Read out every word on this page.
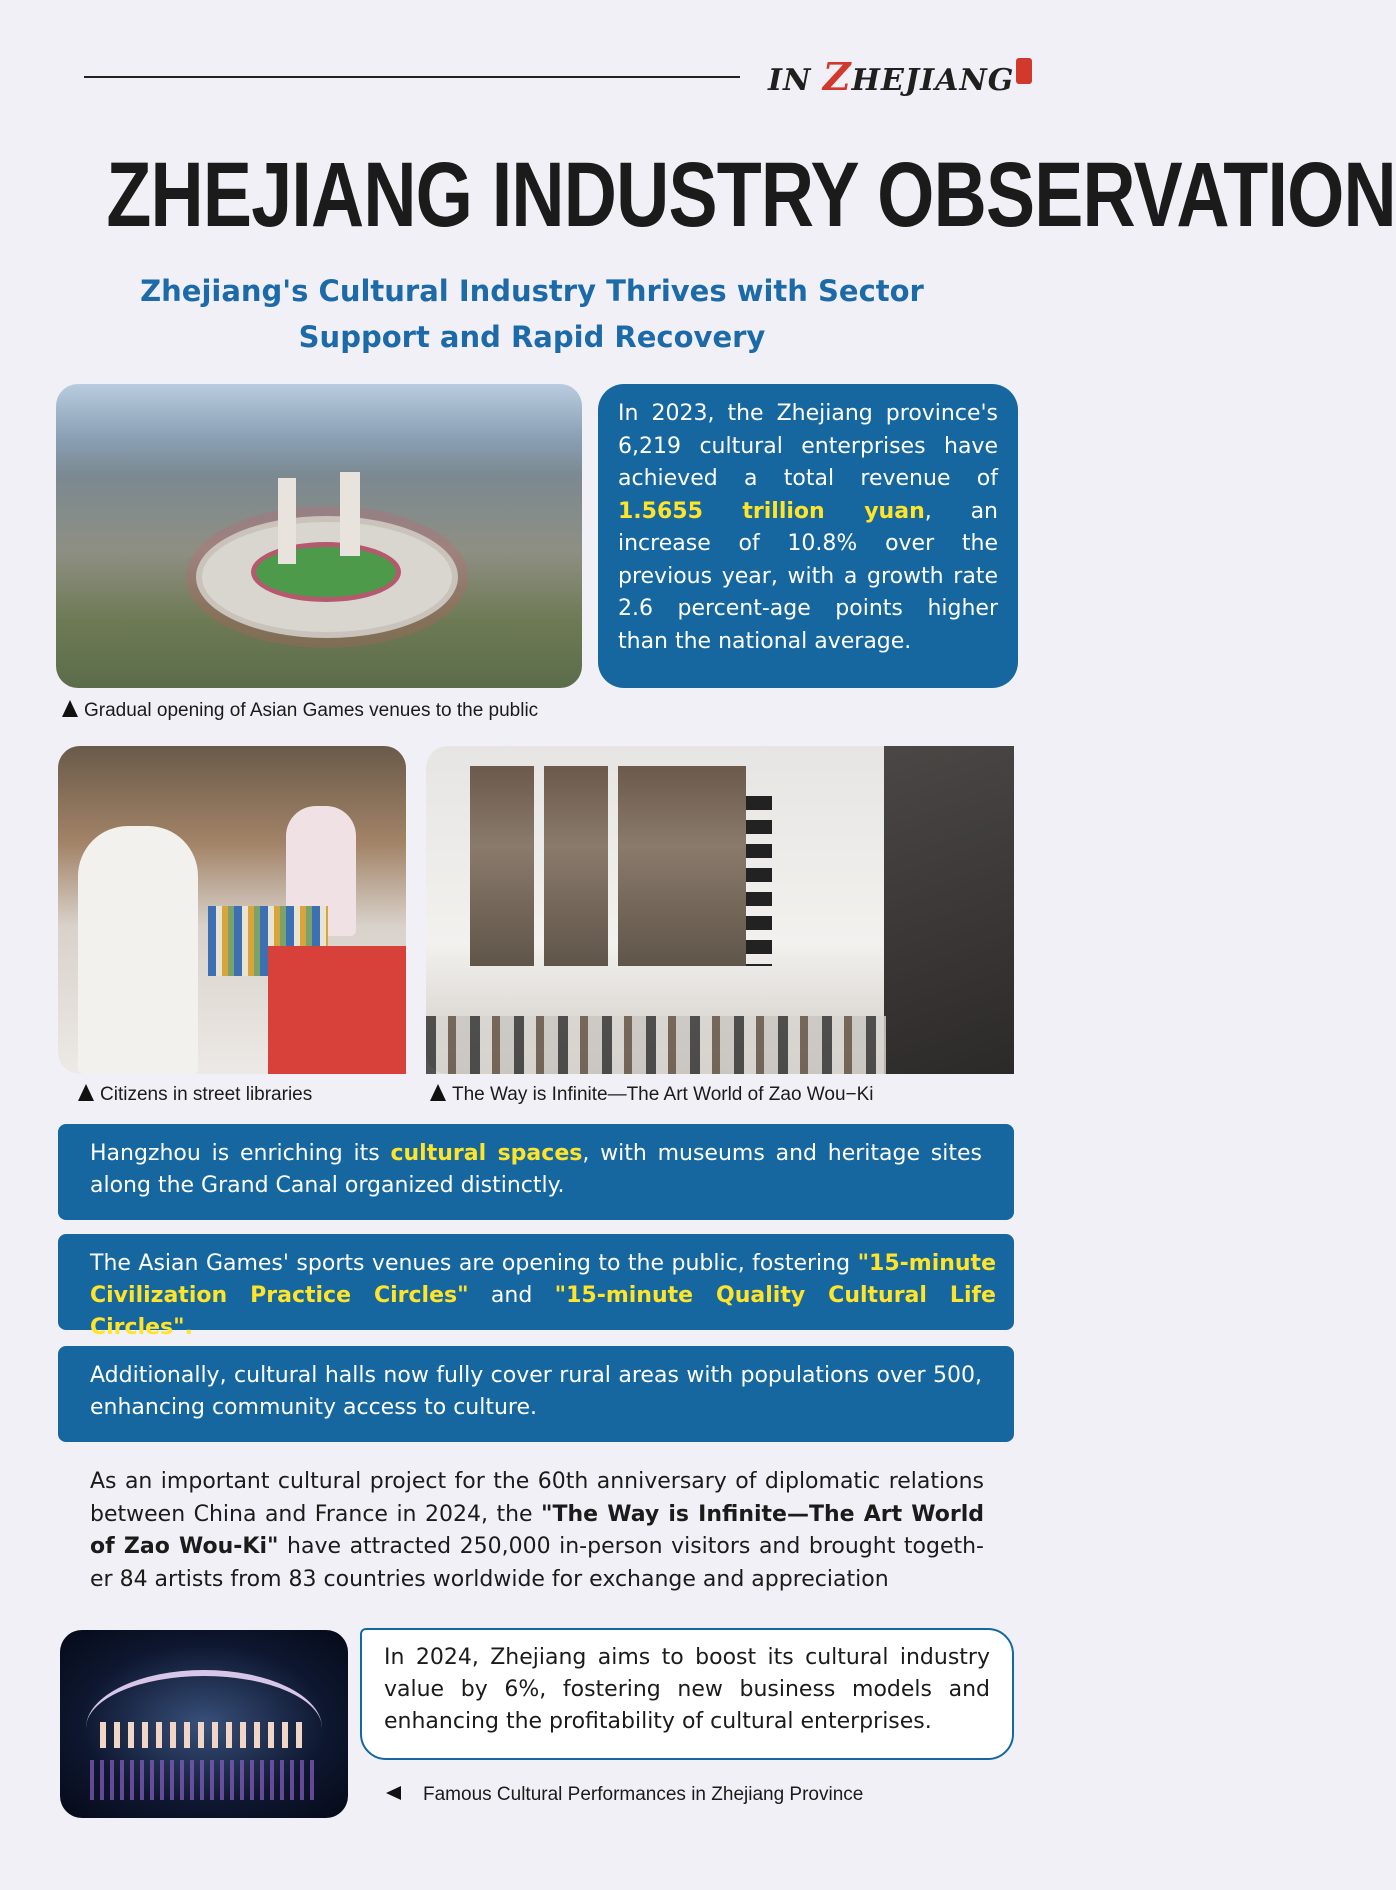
IN ZHEJIANG
ZHEJIANG INDUSTRY OBSERVATION
Zhejiang's Cultural Industry Thrives with Sector Support and Rapid Recovery

In 2023, the Zhejiang province's 6,219 cultural enterprises have achieved a total revenue of 1.5655 trillion yuan, an increase of 10.8% over the previous year, with a growth rate 2.6 percent-age points higher than the national average.

Gradual opening of Asian Games venues to the public
Citizens in street libraries	The Way is Infinite—The Art World of Zao Wou−Ki

Hangzhou is enriching its cultural spaces, with museums and heritage sites along the Grand Canal organized distinctly.

The Asian Games' sports venues are opening to the public, fostering "15-minute Civilization Practice Circles" and "15-minute Quality Cultural Life Circles".

Additionally, cultural halls now fully cover rural areas with populations over 500, enhancing community access to culture.

As an important cultural project for the 60th anniversary of diplomatic relations between China and France in 2024, the "The Way is Infinite—The Art World of Zao Wou-Ki" have attracted 250,000 in-person visitors and brought togeth-er 84 artists from 83 countries worldwide for exchange and appreciation

In 2024, Zhejiang aims to boost its cultural industry value by 6%, fostering new business models and enhancing the profitability of cultural enterprises.

Famous Cultural Performances in Zhejiang Province
